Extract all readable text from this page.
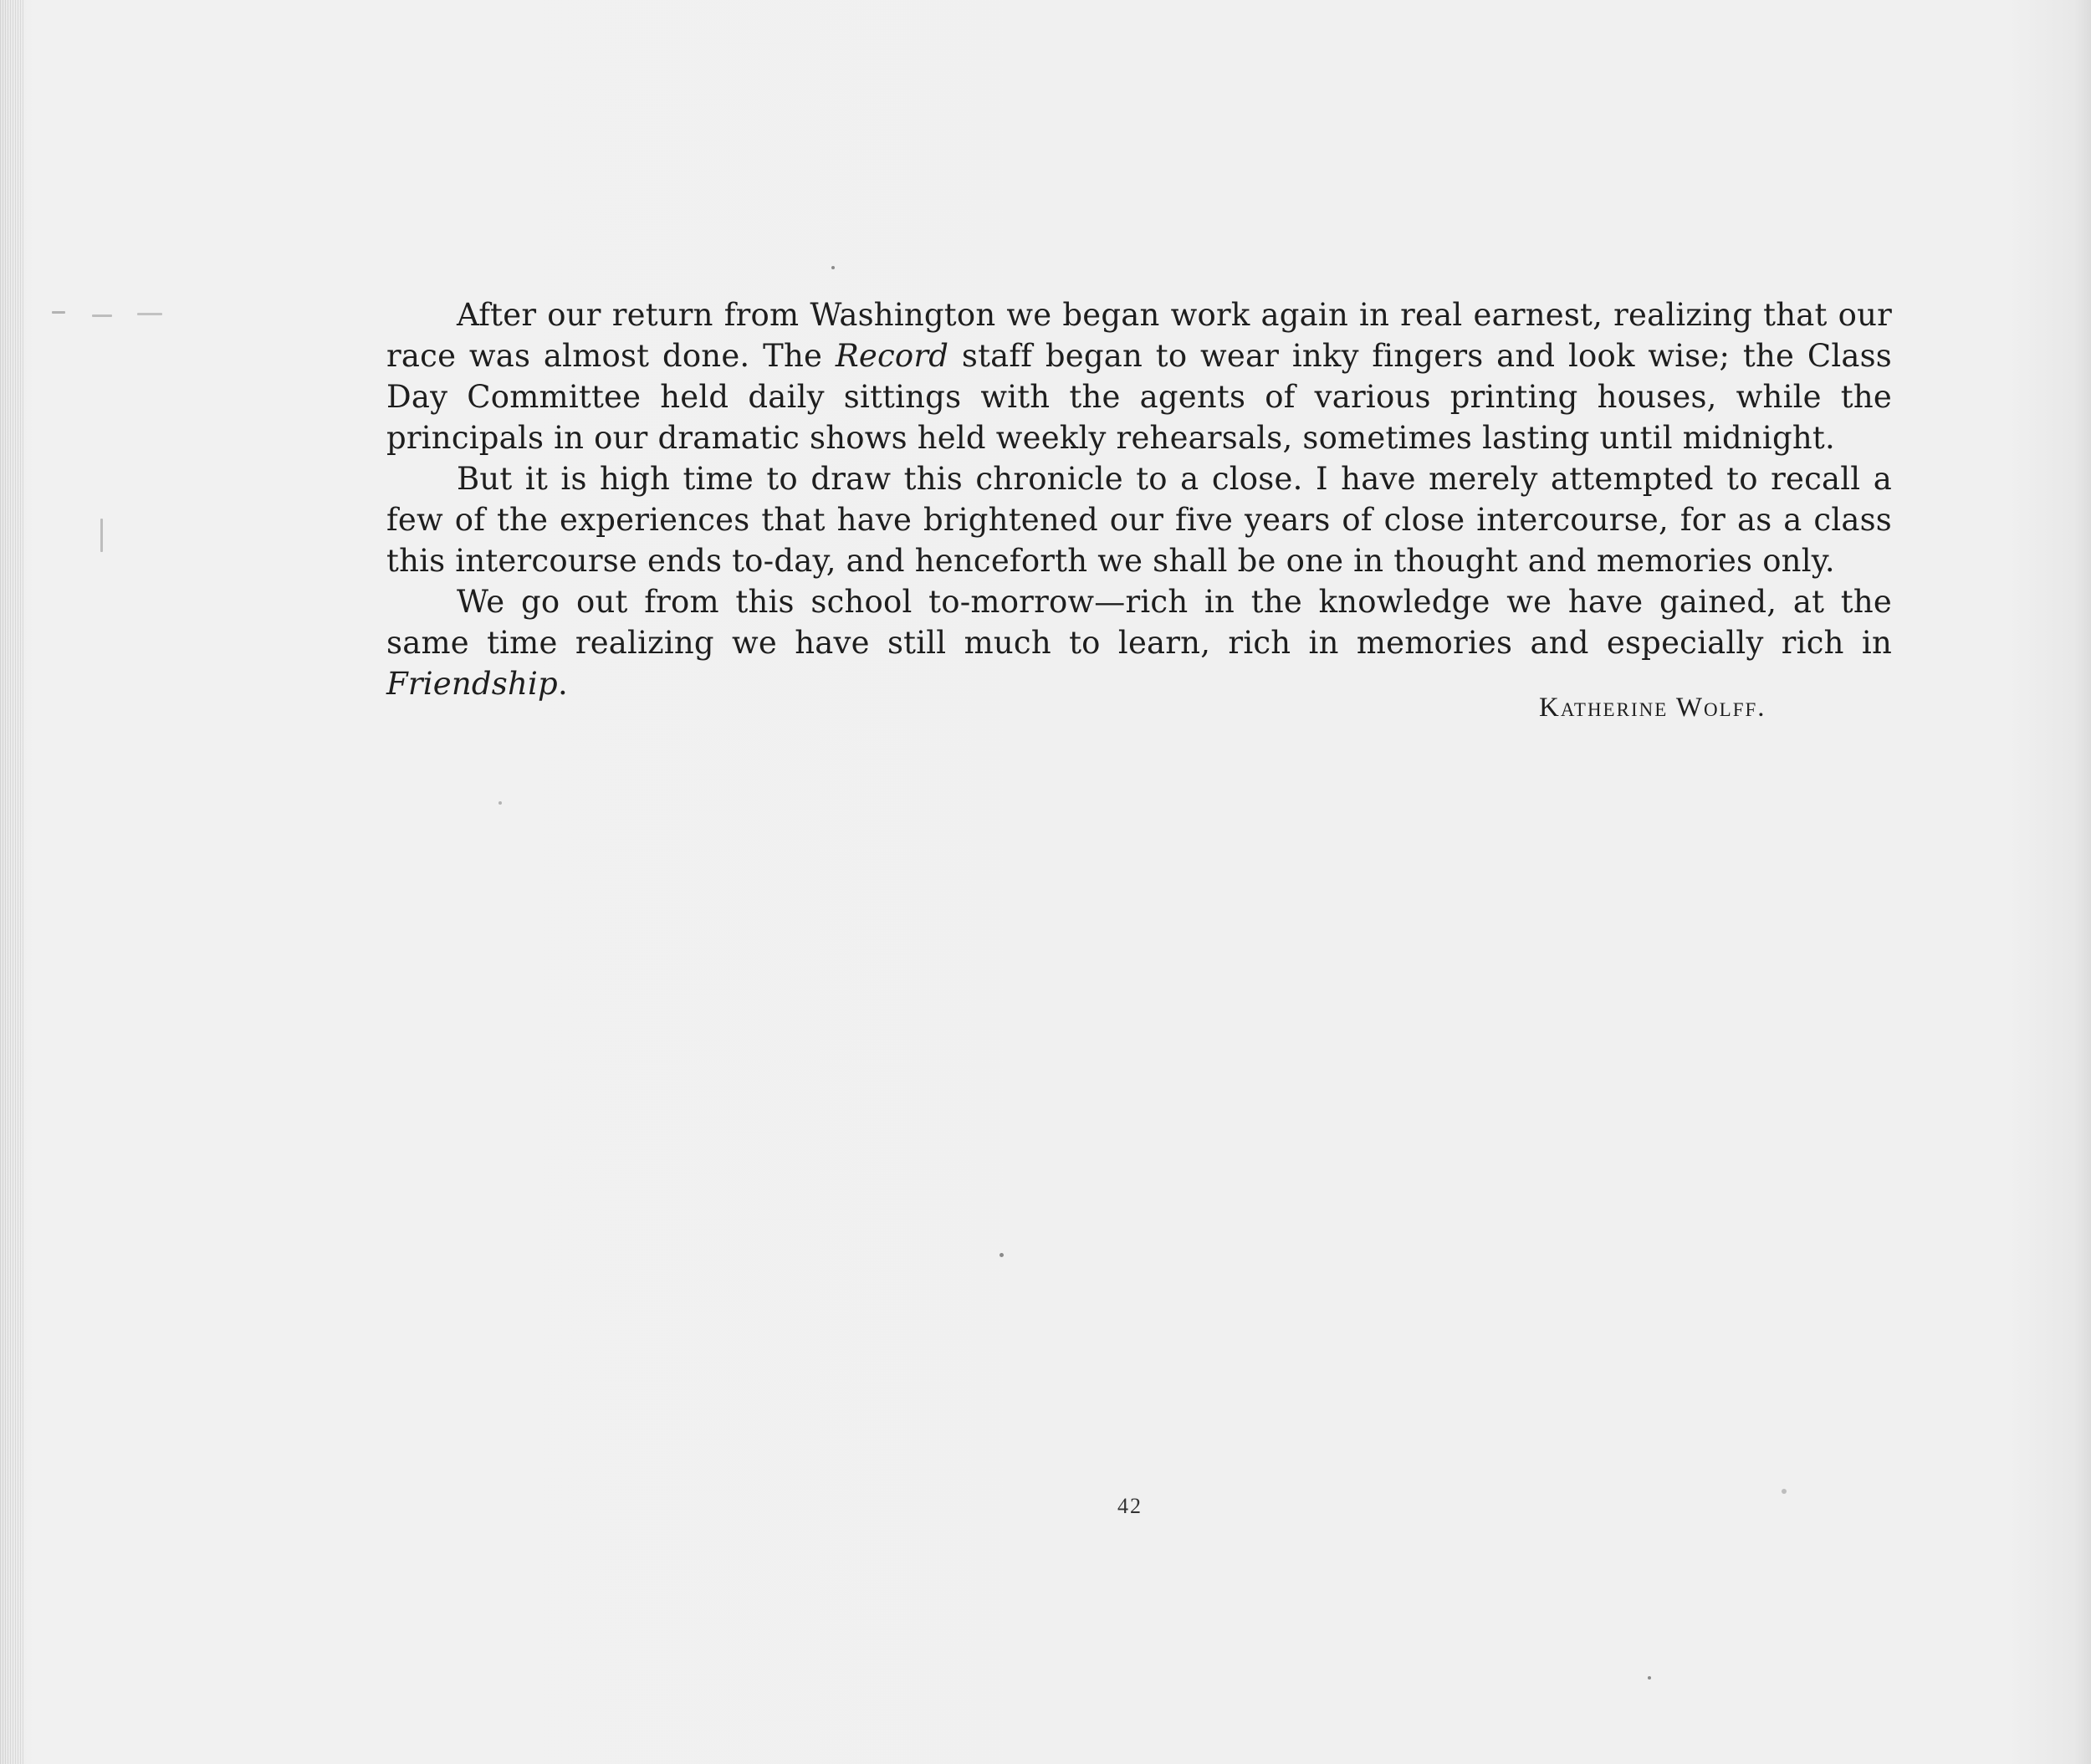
After our return from Washington we began work again in real earnest, realizing that our race was almost done. The Record staff began to wear inky fingers and look wise; the Class Day Committee held daily sittings with the agents of various printing houses, while the principals in our dramatic shows held weekly rehearsals, sometimes lasting until midnight.

But it is high time to draw this chronicle to a close. I have merely attempted to recall a few of the experiences that have brightened our five years of close intercourse, for as a class this intercourse ends to-day, and henceforth we shall be one in thought and memories only.

We go out from this school to-morrow—rich in the knowledge we have gained, at the same time realizing we have still much to learn, rich in memories and especially rich in Friendship.

Katherine Wolff.
42
